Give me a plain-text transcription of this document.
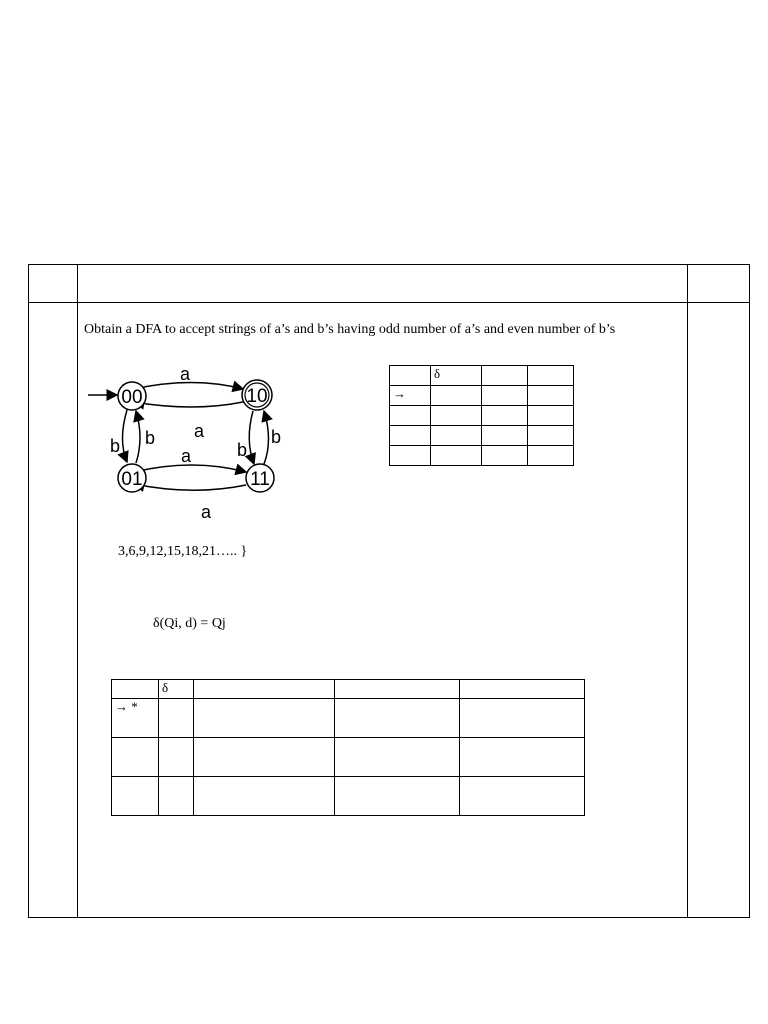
Obtain a DFA to accept strings of a’s and b’s having odd number of a’s and even number of b’s
00	10
01	11
a
a
a
a
b b
b
b
	δ		
→			

3,6,9,12,15,18,21….. }
δ(Qi, d) = Qj
	δ			
→ *				
